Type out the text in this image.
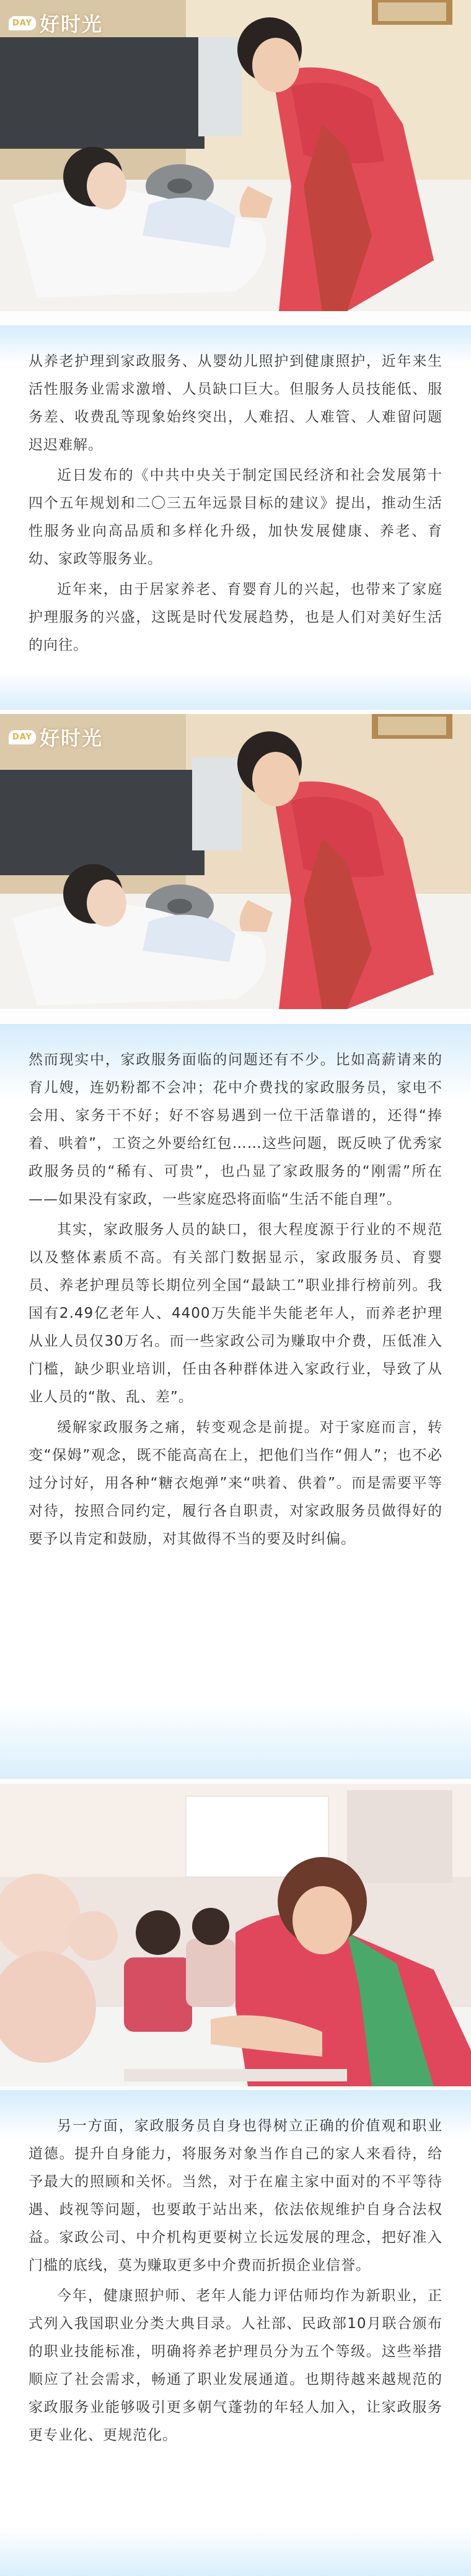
DAY 好时光

从养老护理到家政服务、从婴幼儿照护到健康照护，近年来生活性服务业需求激增、人员缺口巨大。但服务人员技能低、服务差、收费乱等现象始终突出，人难招、人难管、人难留问题迟迟难解。

近日发布的《中共中央关于制定国民经济和社会发展第十四个五年规划和二〇三五年远景目标的建议》提出，推动生活性服务业向高品质和多样化升级，加快发展健康、养老、育幼、家政等服务业。

近年来，由于居家养老、育婴育儿的兴起，也带来了家庭护理服务的兴盛，这既是时代发展趋势，也是人们对美好生活的向往。

DAY 好时光

然而现实中，家政服务面临的问题还有不少。比如高薪请来的育儿嫂，连奶粉都不会冲；花中介费找的家政服务员，家电不会用、家务干不好；好不容易遇到一位干活靠谱的，还得“捧着、哄着”，工资之外要给红包……这些问题，既反映了优秀家政服务员的“稀有、可贵”，也凸显了家政服务的“刚需”所在——如果没有家政，一些家庭恐将面临“生活不能自理”。

其实，家政服务人员的缺口，很大程度源于行业的不规范以及整体素质不高。有关部门数据显示，家政服务员、育婴员、养老护理员等长期位列全国“最缺工”职业排行榜前列。我国有2.49亿老年人、4400万失能半失能老年人，而养老护理从业人员仅30万名。而一些家政公司为赚取中介费，压低准入门槛，缺少职业培训，任由各种群体进入家政行业，导致了从业人员的“散、乱、差”。

缓解家政服务之痛，转变观念是前提。对于家庭而言，转变“保姆”观念，既不能高高在上，把他们当作“佣人”；也不必过分讨好，用各种“糖衣炮弹”来“哄着、供着”。而是需要平等对待，按照合同约定，履行各自职责，对家政服务员做得好的要予以肯定和鼓励，对其做得不当的要及时纠偏。

另一方面，家政服务员自身也得树立正确的价值观和职业道德。提升自身能力，将服务对象当作自己的家人来看待，给予最大的照顾和关怀。当然，对于在雇主家中面对的不平等待遇、歧视等问题，也要敢于站出来，依法依规维护自身合法权益。家政公司、中介机构更要树立长远发展的理念，把好准入门槛的底线，莫为赚取更多中介费而折损企业信誉。

今年，健康照护师、老年人能力评估师均作为新职业，正式列入我国职业分类大典目录。人社部、民政部10月联合颁布的职业技能标准，明确将养老护理员分为五个等级。这些举措顺应了社会需求，畅通了职业发展通道。也期待越来越规范的家政服务业能够吸引更多朝气蓬勃的年轻人加入，让家政服务更专业化、更规范化。
